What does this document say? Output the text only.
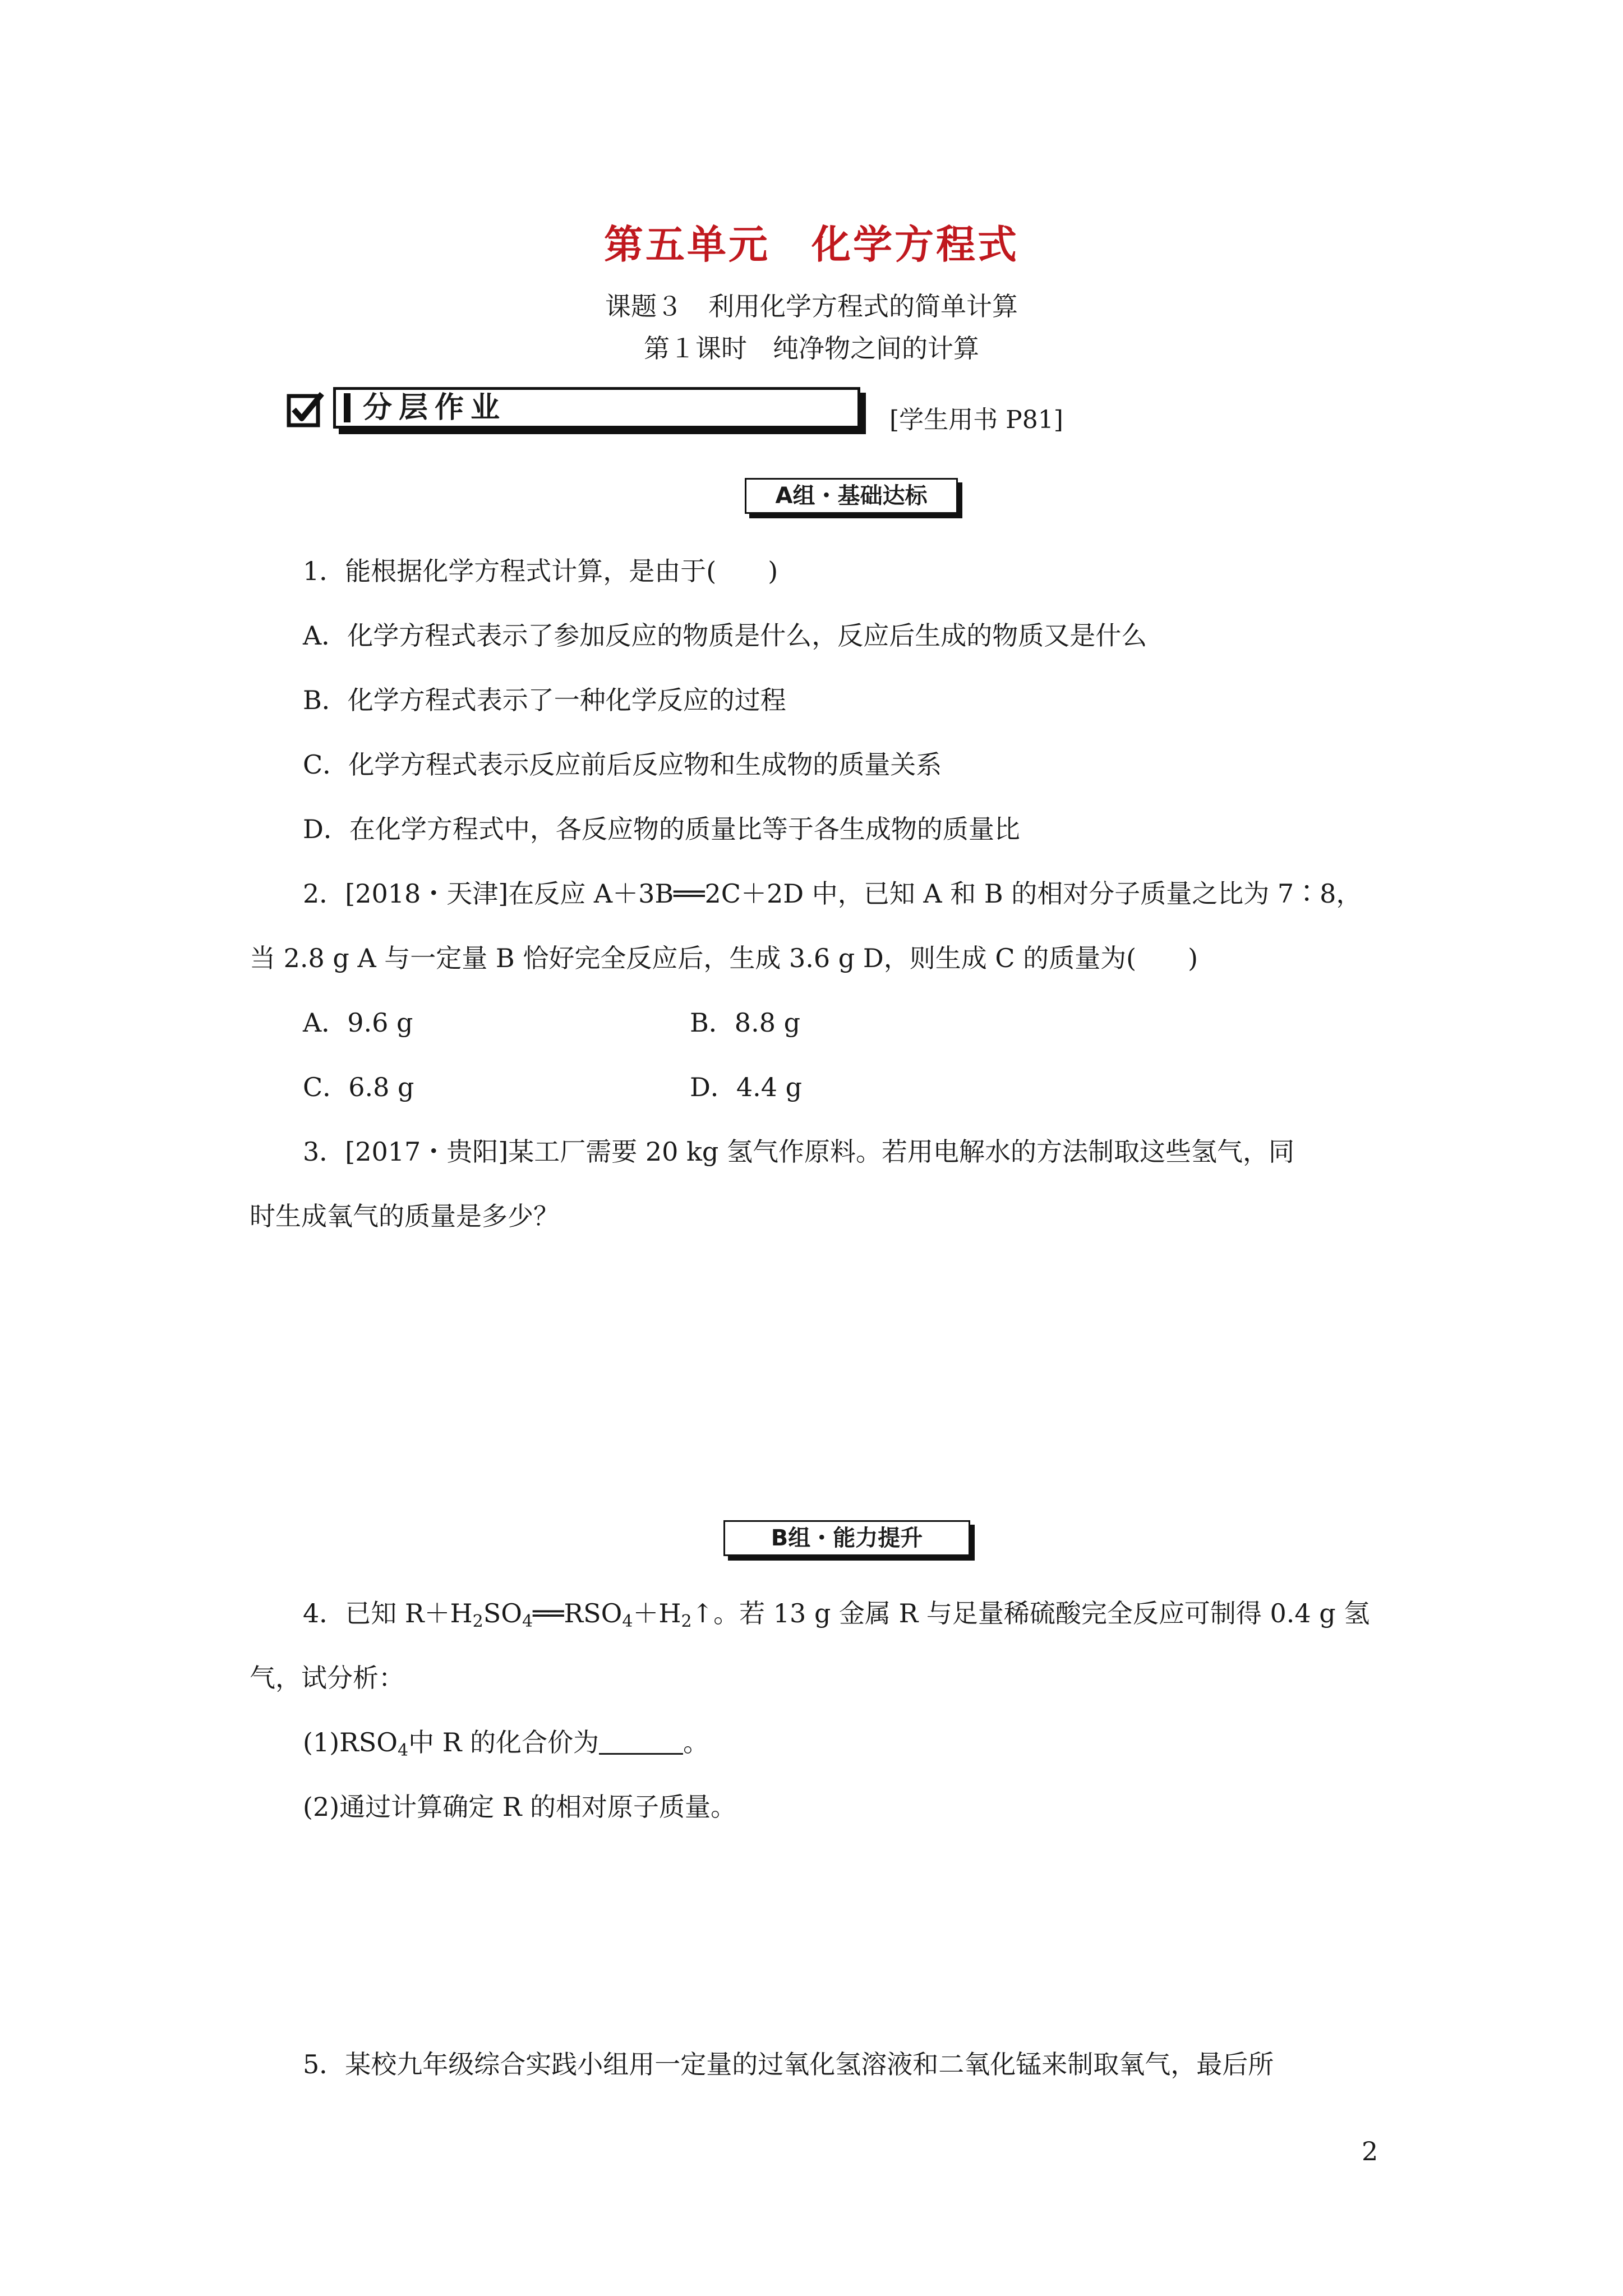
第五单元　化学方程式
课题３　利用化学方程式的简单计算
第１课时　纯净物之间的计算
分层作业	[学生用书 P81]
A组・基础达标
1．能根据化学方程式计算，是由于(　　)
A．化学方程式表示了参加反应的物质是什么，反应后生成的物质又是什么
B．化学方程式表示了一种化学反应的过程
C．化学方程式表示反应前后反应物和生成物的质量关系
D．在化学方程式中，各反应物的质量比等于各生成物的质量比
2．[2018・天津]在反应 A＋3B══2C＋2D 中，已知 A 和 B 的相对分子质量之比为 7∶8，
当 2.8 g A 与一定量 B 恰好完全反应后，生成 3.6 g D，则生成 C 的质量为(　　)
A．9.6 g	B．8.8 g
C．6.8 g	D．4.4 g
3．[2017・贵阳]某工厂需要 20 kg 氢气作原料。若用电解水的方法制取这些氢气，同
时生成氧气的质量是多少？
B组・能力提升
4．已知 $R+H_2SO_4══RSO_4+H_2↑$。若 13 g 金属 R 与足量稀硫酸完全反应可制得 0.4 g 氢
气，试分析：
$(1)RSO_4$中 R 的化合价为	。
(2)通过计算确定 R 的相对原子质量。
5．某校九年级综合实践小组用一定量的过氧化氢溶液和二氧化锰来制取氧气，最后所
2
